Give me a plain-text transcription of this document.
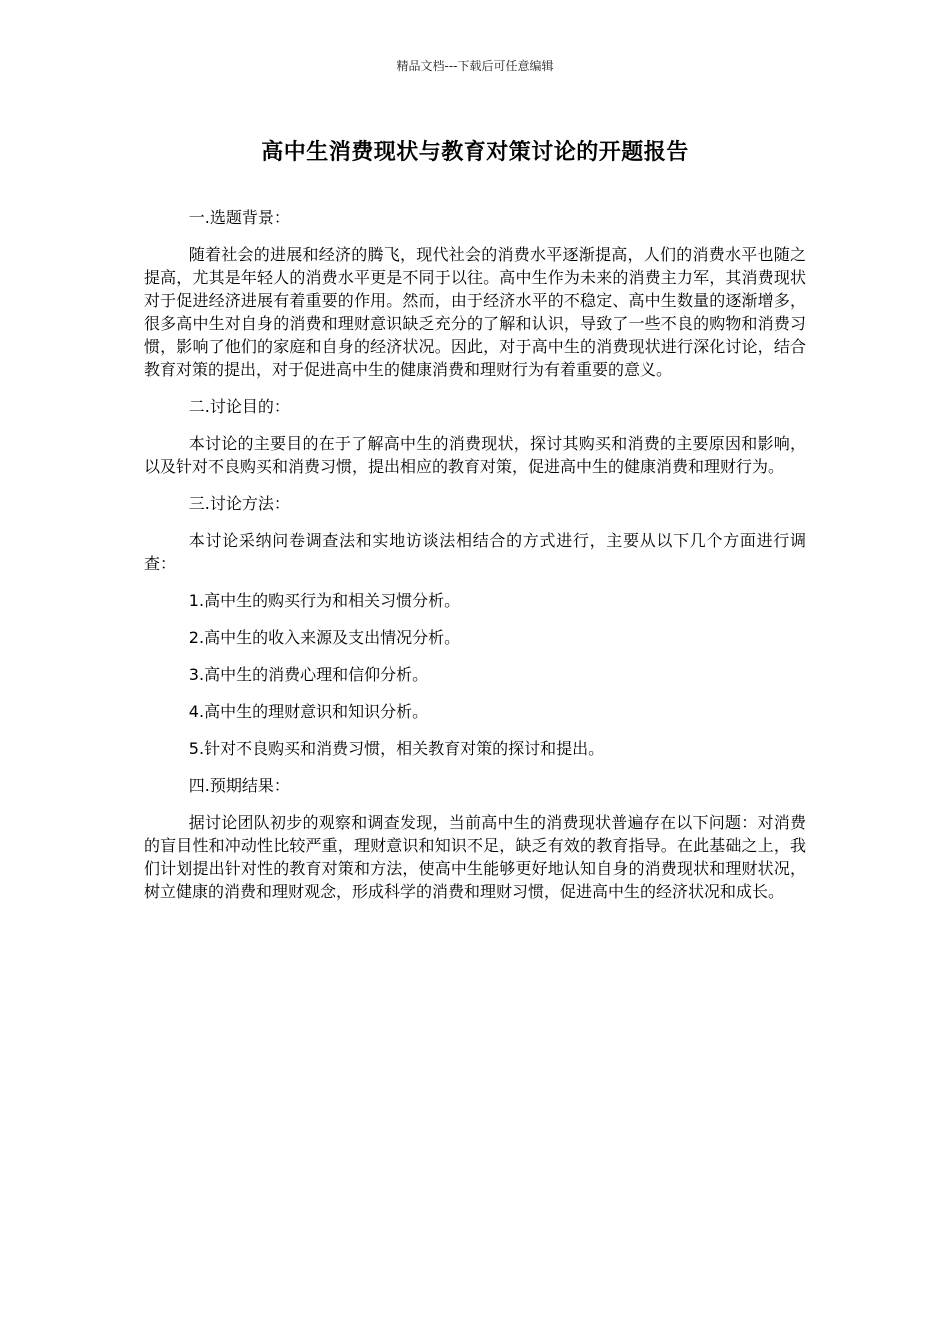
精品文档---下载后可任意编辑
高中生消费现状与教育对策讨论的开题报告

一.选题背景：

随着社会的进展和经济的腾飞，现代社会的消费水平逐渐提高，人们的消费水平也随之提高，尤其是年轻人的消费水平更是不同于以往。高中生作为未来的消费主力军，其消费现状对于促进经济进展有着重要的作用。然而，由于经济水平的不稳定、高中生数量的逐渐增多，很多高中生对自身的消费和理财意识缺乏充分的了解和认识，导致了一些不良的购物和消费习惯，影响了他们的家庭和自身的经济状况。因此，对于高中生的消费现状进行深化讨论，结合教育对策的提出，对于促进高中生的健康消费和理财行为有着重要的意义。

二.讨论目的：

本讨论的主要目的在于了解高中生的消费现状，探讨其购买和消费的主要原因和影响，以及针对不良购买和消费习惯，提出相应的教育对策，促进高中生的健康消费和理财行为。

三.讨论方法：

本讨论采纳问卷调查法和实地访谈法相结合的方式进行，主要从以下几个方面进行调查：

1.高中生的购买行为和相关习惯分析。

2.高中生的收入来源及支出情况分析。

3.高中生的消费心理和信仰分析。

4.高中生的理财意识和知识分析。

5.针对不良购买和消费习惯，相关教育对策的探讨和提出。

四.预期结果：

据讨论团队初步的观察和调查发现，当前高中生的消费现状普遍存在以下问题：对消费的盲目性和冲动性比较严重，理财意识和知识不足，缺乏有效的教育指导。在此基础之上，我们计划提出针对性的教育对策和方法，使高中生能够更好地认知自身的消费现状和理财状况，树立健康的消费和理财观念，形成科学的消费和理财习惯，促进高中生的经济状况和成长。
